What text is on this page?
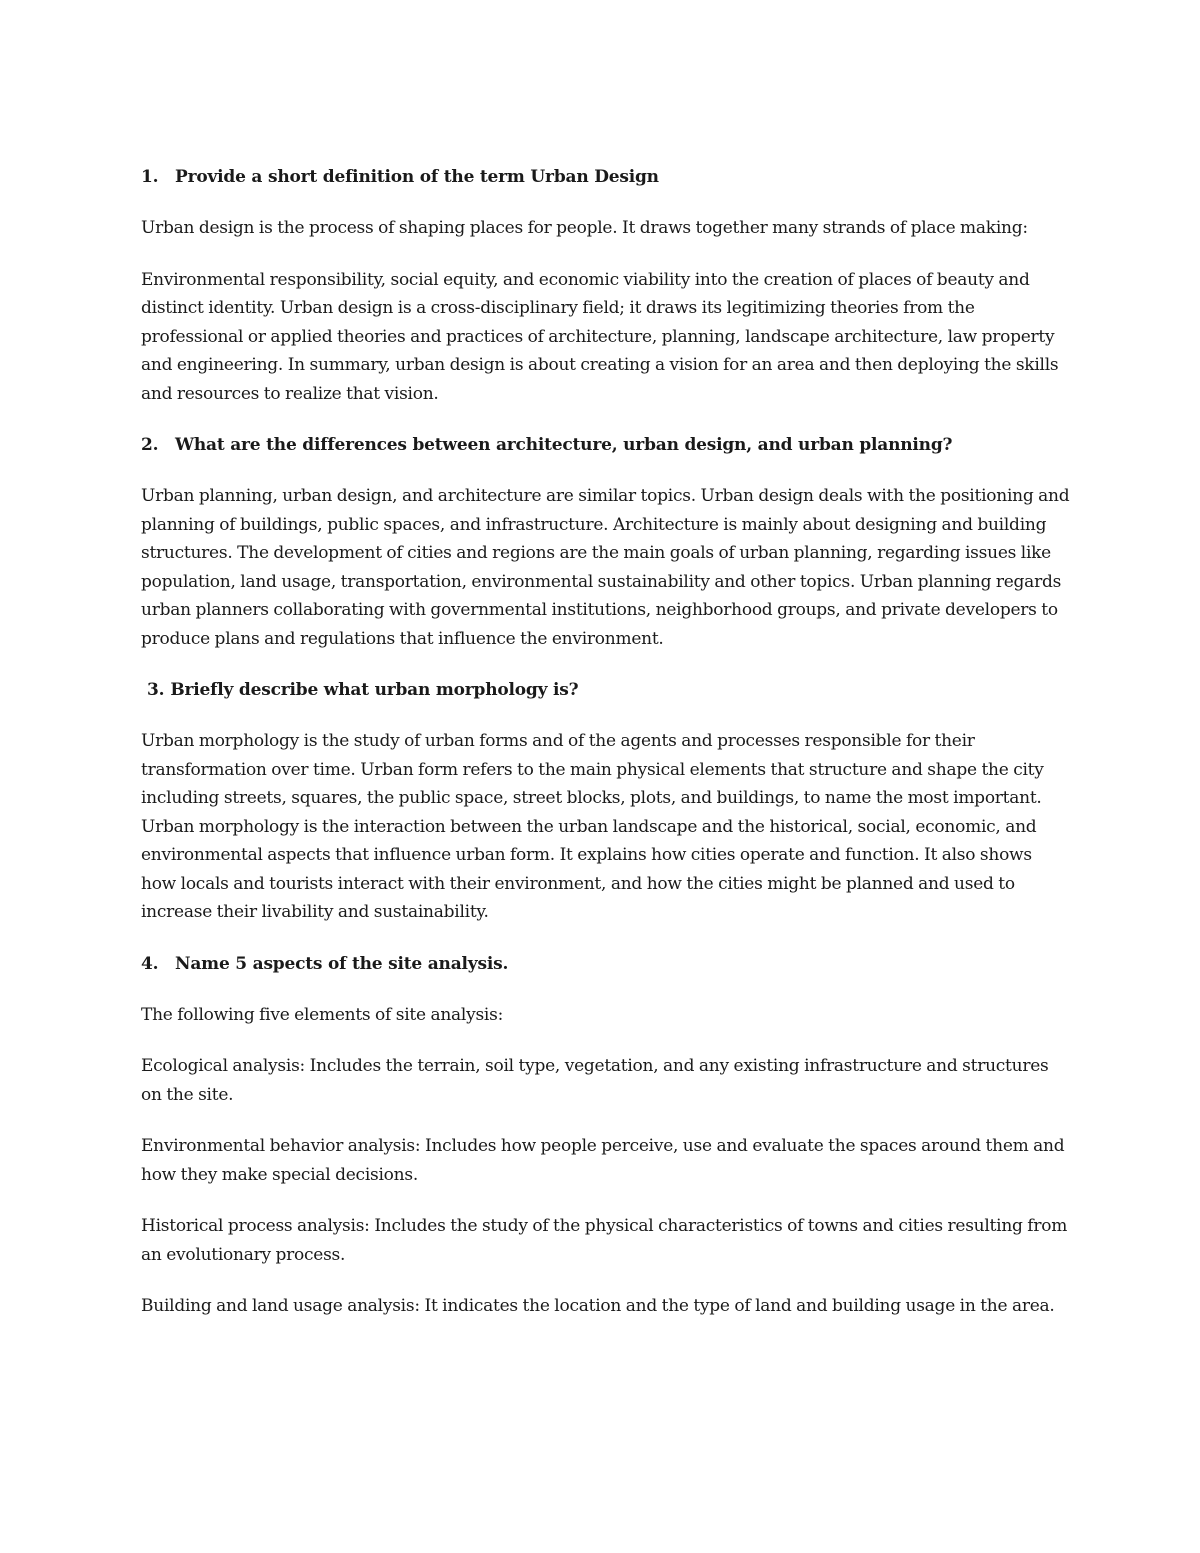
1. Provide a short definition of the term Urban Design

Urban design is the process of shaping places for people. It draws together many strands of place making:

Environmental responsibility, social equity, and economic viability into the creation of places of beauty and distinct identity. Urban design is a cross-disciplinary field; it draws its legitimizing theories from the professional or applied theories and practices of architecture, planning, landscape architecture, law property and engineering. In summary, urban design is about creating a vision for an area and then deploying the skills and resources to realize that vision.

2. What are the differences between architecture, urban design, and urban planning?

Urban planning, urban design, and architecture are similar topics. Urban design deals with the positioning and planning of buildings, public spaces, and infrastructure. Architecture is mainly about designing and building structures. The development of cities and regions are the main goals of urban planning, regarding issues like population, land usage, transportation, environmental sustainability and other topics. Urban planning regards urban planners collaborating with governmental institutions, neighborhood groups, and private developers to produce plans and regulations that influence the environment.

3. Briefly describe what urban morphology is?

Urban morphology is the study of urban forms and of the agents and processes responsible for their transformation over time. Urban form refers to the main physical elements that structure and shape the city including streets, squares, the public space, street blocks, plots, and buildings, to name the most important. Urban morphology is the interaction between the urban landscape and the historical, social, economic, and environmental aspects that influence urban form. It explains how cities operate and function. It also shows how locals and tourists interact with their environment, and how the cities might be planned and used to increase their livability and sustainability.

4. Name 5 aspects of the site analysis.

The following five elements of site analysis:

Ecological analysis: Includes the terrain, soil type, vegetation, and any existing infrastructure and structures on the site.

Environmental behavior analysis: Includes how people perceive, use and evaluate the spaces around them and how they make special decisions.

Historical process analysis: Includes the study of the physical characteristics of towns and cities resulting from an evolutionary process.

Building and land usage analysis: It indicates the location and the type of land and building usage in the area.
